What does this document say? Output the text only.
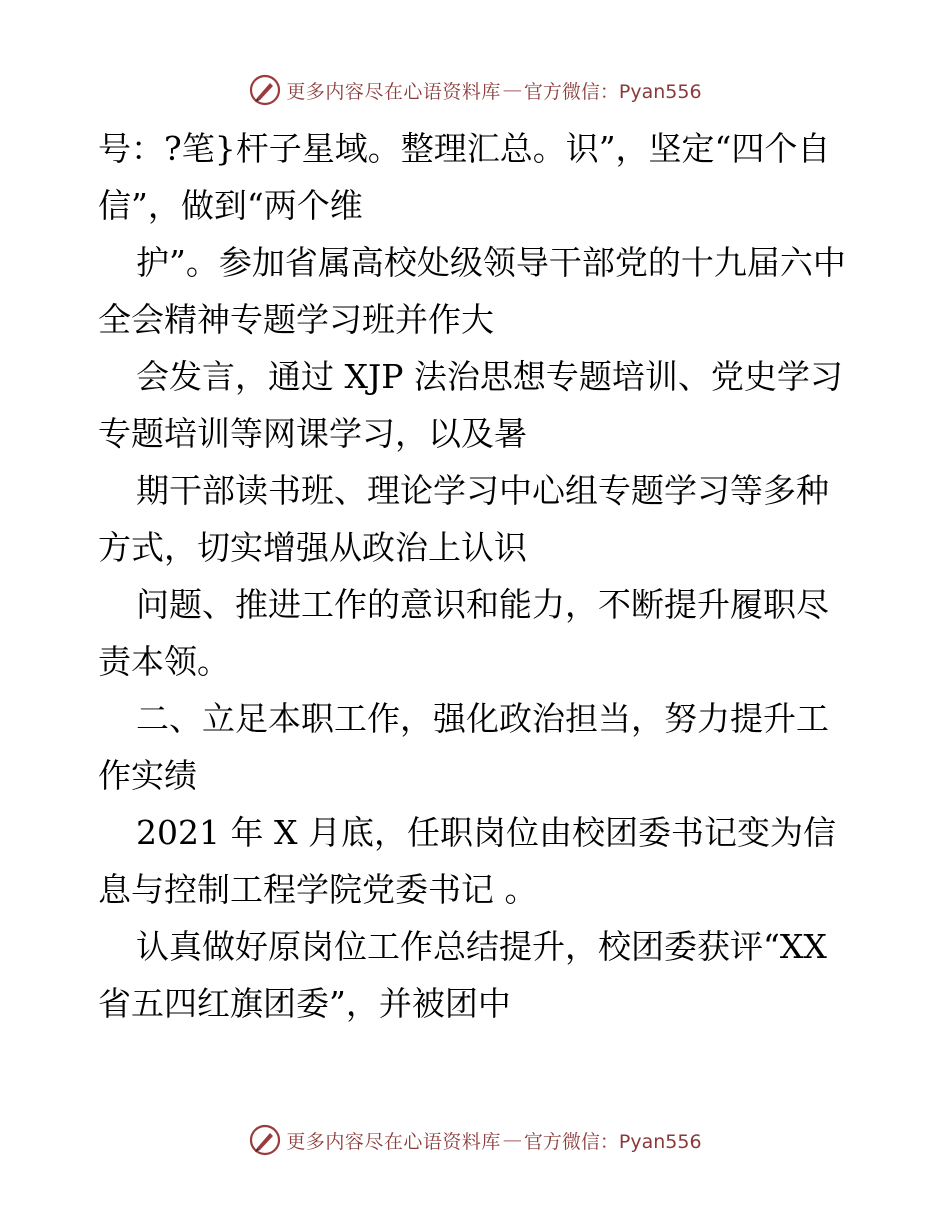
更多内容尽在心语资料库 — 官方微信：Pyan556

号：?笔}杆子星域。整理汇总。识”，坚定“四个自信”，做到“两个维

护”。参加省属高校处级领导干部党的十九届六中全会精神专题学习班并作大

会发言，通过 XJP 法治思想专题培训、党史学习专题培训等网课学习，以及暑

期干部读书班、理论学习中心组专题学习等多种方式，切实增强从政治上认识

问题、推进工作的意识和能力，不断提升履职尽责本领。

二、立足本职工作，强化政治担当，努力提升工作实绩

2021 年 X 月底，任职岗位由校团委书记变为信息与控制工程学院党委书记 。

认真做好原岗位工作总结提升，校团委获评“XX 省五四红旗团委”，并被团中

更多内容尽在心语资料库 — 官方微信：Pyan556
